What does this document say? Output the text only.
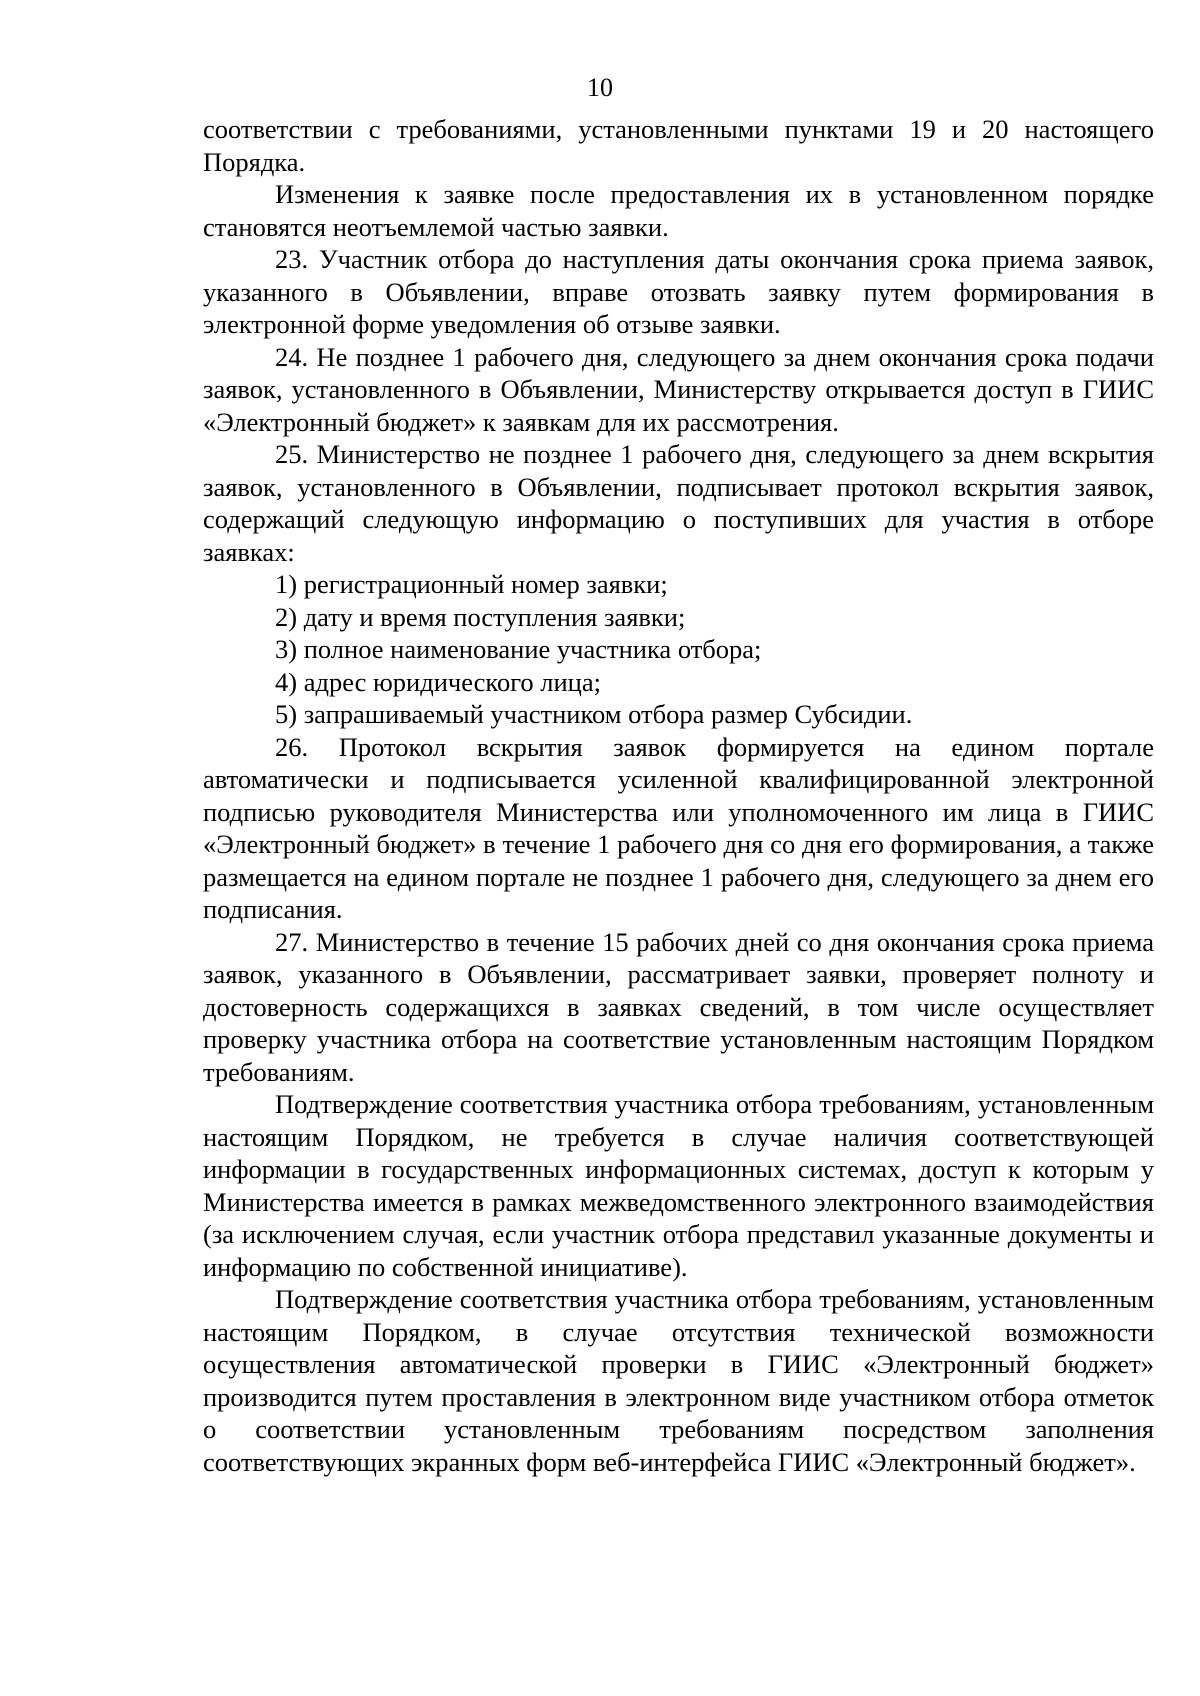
10

соответствии с требованиями, установленными пунктами 19 и 20 настоящего Порядка.

Изменения к заявке после предоставления их в установленном порядке становятся неотъемлемой частью заявки.

23. Участник отбора до наступления даты окончания срока приема заявок, указанного в Объявлении, вправе отозвать заявку путем формирования в электронной форме уведомления об отзыве заявки.

24. Не позднее 1 рабочего дня, следующего за днем окончания срока подачи заявок, установленного в Объявлении, Министерству открывается доступ в ГИИС «Электронный бюджет» к заявкам для их рассмотрения.

25. Министерство не позднее 1 рабочего дня, следующего за днем вскрытия заявок, установленного в Объявлении, подписывает протокол вскрытия заявок, содержащий следующую информацию о поступивших для участия в отборе заявках:

1) регистрационный номер заявки;

2) дату и время поступления заявки;

3) полное наименование участника отбора;

4) адрес юридического лица;

5) запрашиваемый участником отбора размер Субсидии.

26. Протокол вскрытия заявок формируется на едином портале автоматически и подписывается усиленной квалифицированной электронной подписью руководителя Министерства или уполномоченного им лица в ГИИС «Электронный бюджет» в течение 1 рабочего дня со дня его формирования, а также размещается на едином портале не позднее 1 рабочего дня, следующего за днем его подписания.

27. Министерство в течение 15 рабочих дней со дня окончания срока приема заявок, указанного в Объявлении, рассматривает заявки, проверяет полноту и достоверность содержащихся в заявках сведений, в том числе осуществляет проверку участника отбора на соответствие установленным настоящим Порядком требованиям.

Подтверждение соответствия участника отбора требованиям, установленным настоящим Порядком, не требуется в случае наличия соответствующей информации в государственных информационных системах, доступ к которым у Министерства имеется в рамках межведомственного электронного взаимодействия (за исключением случая, если участник отбора представил указанные документы и информацию по собственной инициативе).

Подтверждение соответствия участника отбора требованиям, установленным настоящим Порядком, в случае отсутствия технической возможности осуществления автоматической проверки в ГИИС «Электронный бюджет» производится путем проставления в электронном виде участником отбора отметок о соответствии установленным требованиям посредством заполнения соответствующих экранных форм веб-интерфейса ГИИС «Электронный бюджет».
